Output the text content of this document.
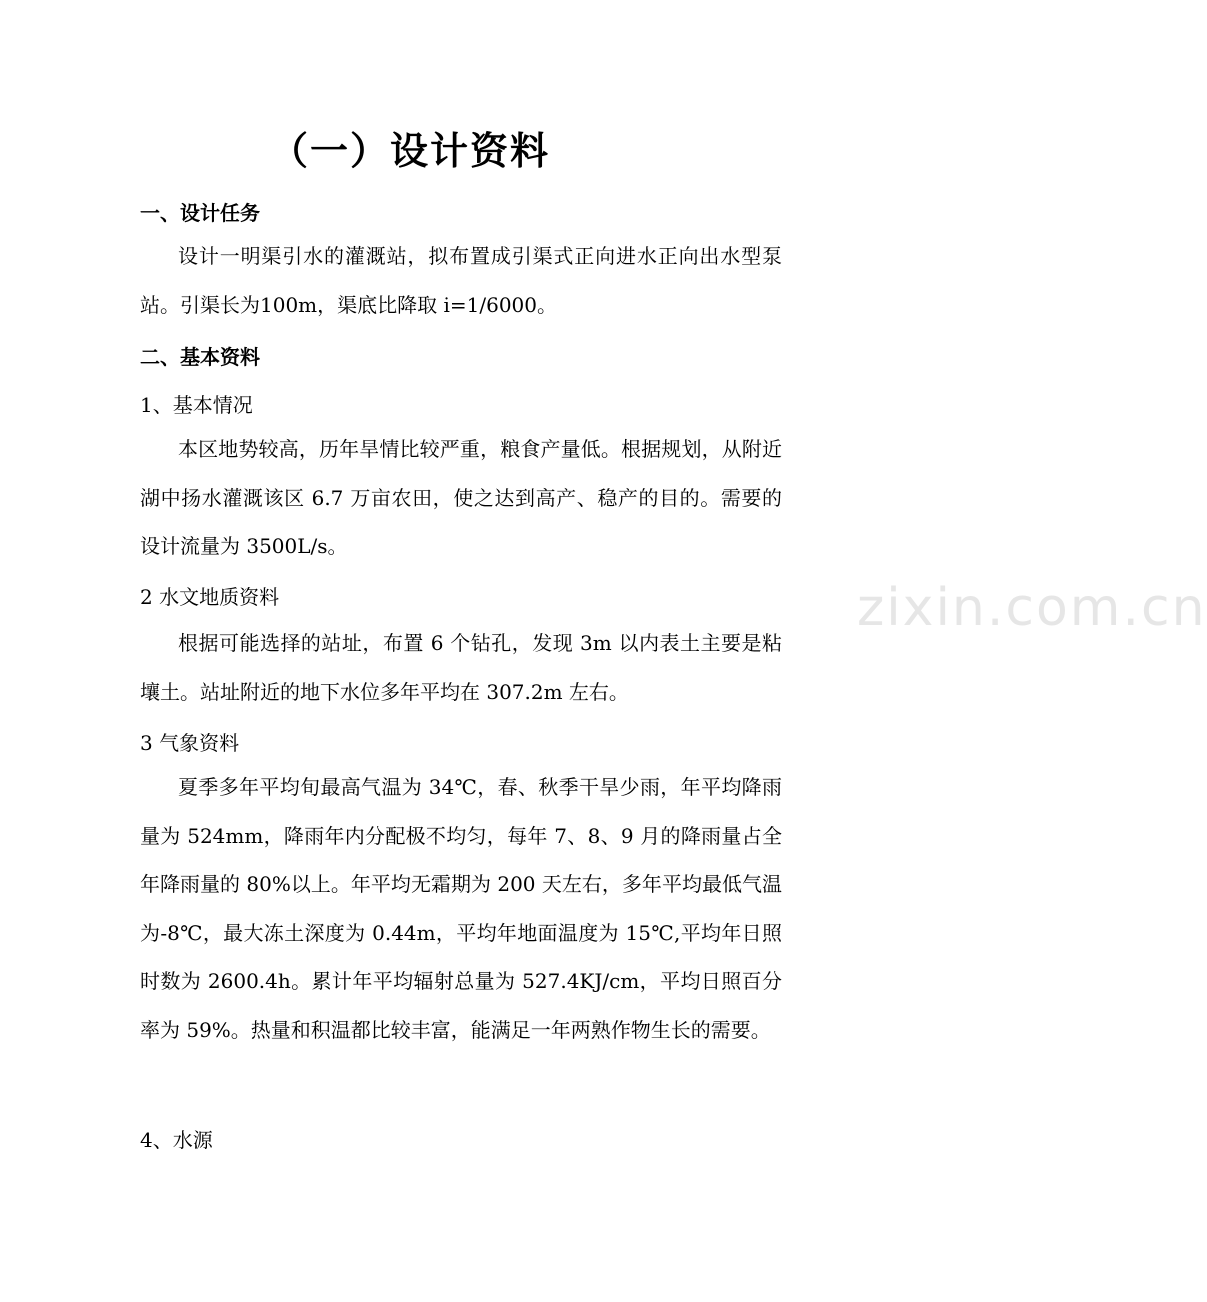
zixin.com.cn
（一）设计资料
一、设计任务
设计一明渠引水的灌溉站，拟布置成引渠式正向进水正向出水型泵站。引渠长为100m，渠底比降取 i=1/6000。
二、基本资料
1、基本情况
本区地势较高，历年旱情比较严重，粮食产量低。根据规划，从附近湖中扬水灌溉该区 6.7 万亩农田，使之达到高产、稳产的目的。需要的设计流量为 3500L/s。
2 水文地质资料
根据可能选择的站址，布置 6 个钻孔，发现 3m 以内表土主要是粘壤土。站址附近的地下水位多年平均在 307.2m 左右。
3 气象资料
夏季多年平均旬最高气温为 34℃，春、秋季干旱少雨，年平均降雨量为 524mm，降雨年内分配极不均匀，每年 7、8、9 月的降雨量占全年降雨量的 80%以上。年平均无霜期为 200 天左右，多年平均最低气温为-8℃，最大冻土深度为 0.44m，平均年地面温度为 15℃,平均年日照时数为 2600.4h。累计年平均辐射总量为 527.4KJ/cm，平均日照百分率为 59%。热量和积温都比较丰富，能满足一年两熟作物生长的需要。
4、水源
